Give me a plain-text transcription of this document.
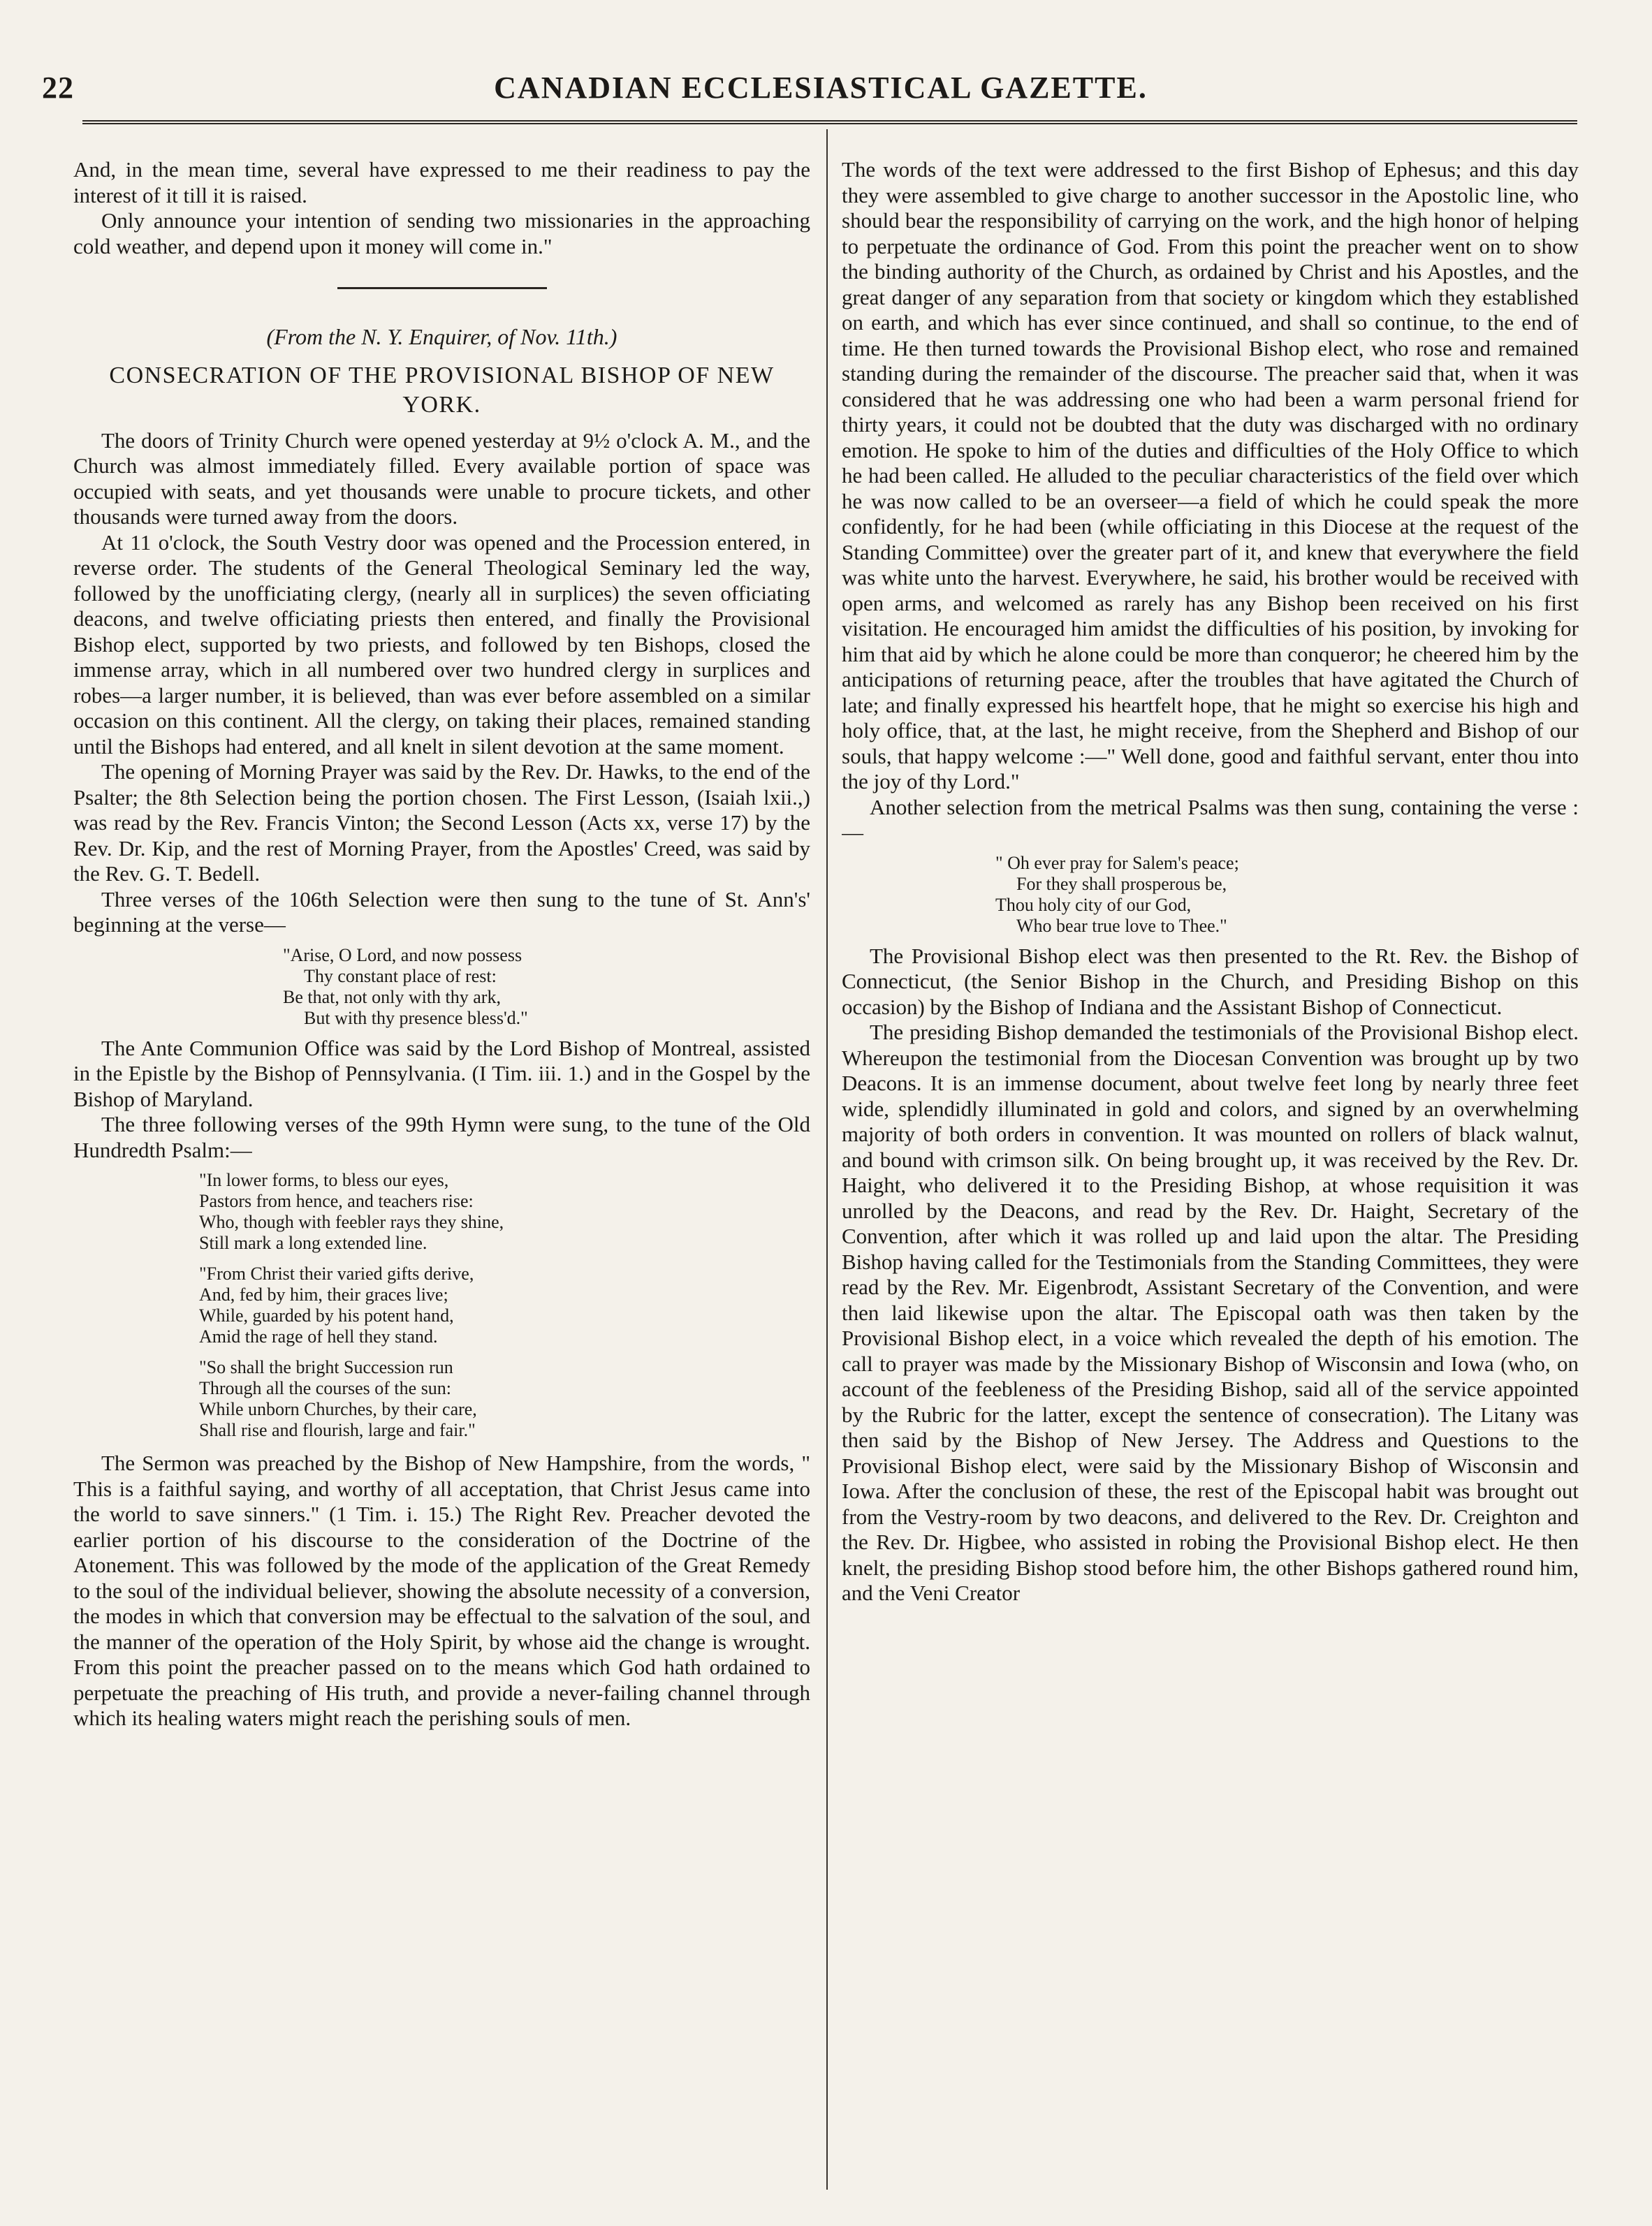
22	CANADIAN ECCLESIASTICAL GAZETTE.

And, in the mean time, several have expressed to me their readiness to pay the interest of it till it is raised.

Only announce your intention of sending two missionaries in the approaching cold weather, and depend upon it money will come in."

(From the N. Y. Enquirer, of Nov. 11th.)
CONSECRATION OF THE PROVISIONAL BISHOP OF NEW YORK.

The doors of Trinity Church were opened yesterday at 9½ o'clock A. M., and the Church was almost immediately filled. Every available portion of space was occupied with seats, and yet thousands were unable to procure tickets, and other thousands were turned away from the doors.

At 11 o'clock, the South Vestry door was opened and the Procession entered, in reverse order. The students of the General Theological Seminary led the way, followed by the unofficiating clergy, (nearly all in surplices) the seven officiating deacons, and twelve officiating priests then entered, and finally the Provisional Bishop elect, supported by two priests, and followed by ten Bishops, closed the immense array, which in all numbered over two hundred clergy in surplices and robes—a larger number, it is believed, than was ever before assembled on a similar occasion on this continent. All the clergy, on taking their places, remained standing until the Bishops had entered, and all knelt in silent devotion at the same moment.

The opening of Morning Prayer was said by the Rev. Dr. Hawks, to the end of the Psalter; the 8th Selection being the portion chosen. The First Lesson, (Isaiah lxii.,) was read by the Rev. Francis Vinton; the Second Lesson (Acts xx, verse 17) by the Rev. Dr. Kip, and the rest of Morning Prayer, from the Apostles' Creed, was said by the Rev. G. T. Bedell.

Three verses of the 106th Selection were then sung to the tune of St. Ann's' beginning at the verse—

"Arise, O Lord, and now possess
Thy constant place of rest:
Be that, not only with thy ark,
But with thy presence bless'd."

The Ante Communion Office was said by the Lord Bishop of Montreal, assisted in the Epistle by the Bishop of Pennsylvania. (I Tim. iii. 1.) and in the Gospel by the Bishop of Maryland.

The three following verses of the 99th Hymn were sung, to the tune of the Old Hundredth Psalm:—

"In lower forms, to bless our eyes,
Pastors from hence, and teachers rise:
Who, though with feebler rays they shine,
Still mark a long extended line.
"From Christ their varied gifts derive,
And, fed by him, their graces live;
While, guarded by his potent hand,
Amid the rage of hell they stand.
"So shall the bright Succession run
Through all the courses of the sun:
While unborn Churches, by their care,
Shall rise and flourish, large and fair."

The Sermon was preached by the Bishop of New Hampshire, from the words, " This is a faithful saying, and worthy of all acceptation, that Christ Jesus came into the world to save sinners." (1 Tim. i. 15.) The Right Rev. Preacher devoted the earlier portion of his discourse to the consideration of the Doctrine of the Atonement. This was followed by the mode of the application of the Great Remedy to the soul of the individual believer, showing the absolute necessity of a conversion, the modes in which that conversion may be effectual to the salvation of the soul, and the manner of the operation of the Holy Spirit, by whose aid the change is wrought. From this point the preacher passed on to the means which God hath ordained to perpetuate the preaching of His truth, and provide a never-failing channel through which its healing waters might reach the perishing souls of men.

The words of the text were addressed to the first Bishop of Ephesus; and this day they were assembled to give charge to another successor in the Apostolic line, who should bear the responsibility of carrying on the work, and the high honor of helping to perpetuate the ordinance of God. From this point the preacher went on to show the binding authority of the Church, as ordained by Christ and his Apostles, and the great danger of any separation from that society or kingdom which they established on earth, and which has ever since continued, and shall so continue, to the end of time. He then turned towards the Provisional Bishop elect, who rose and remained standing during the remainder of the discourse. The preacher said that, when it was considered that he was addressing one who had been a warm personal friend for thirty years, it could not be doubted that the duty was discharged with no ordinary emotion. He spoke to him of the duties and difficulties of the Holy Office to which he had been called. He alluded to the peculiar characteristics of the field over which he was now called to be an overseer—a field of which he could speak the more confidently, for he had been (while officiating in this Diocese at the request of the Standing Committee) over the greater part of it, and knew that everywhere the field was white unto the harvest. Everywhere, he said, his brother would be received with open arms, and welcomed as rarely has any Bishop been received on his first visitation. He encouraged him amidst the difficulties of his position, by invoking for him that aid by which he alone could be more than conqueror; he cheered him by the anticipations of returning peace, after the troubles that have agitated the Church of late; and finally expressed his heartfelt hope, that he might so exercise his high and holy office, that, at the last, he might receive, from the Shepherd and Bishop of our souls, that happy welcome :—" Well done, good and faithful servant, enter thou into the joy of thy Lord."

Another selection from the metrical Psalms was then sung, containing the verse :—

" Oh ever pray for Salem's peace;
For they shall prosperous be,
Thou holy city of our God,
Who bear true love to Thee."

The Provisional Bishop elect was then presented to the Rt. Rev. the Bishop of Connecticut, (the Senior Bishop in the Church, and Presiding Bishop on this occasion) by the Bishop of Indiana and the Assistant Bishop of Connecticut.

The presiding Bishop demanded the testimonials of the Provisional Bishop elect. Whereupon the testimonial from the Diocesan Convention was brought up by two Deacons. It is an immense document, about twelve feet long by nearly three feet wide, splendidly illuminated in gold and colors, and signed by an overwhelming majority of both orders in convention. It was mounted on rollers of black walnut, and bound with crimson silk. On being brought up, it was received by the Rev. Dr. Haight, who delivered it to the Presiding Bishop, at whose requisition it was unrolled by the Deacons, and read by the Rev. Dr. Haight, Secretary of the Convention, after which it was rolled up and laid upon the altar. The Presiding Bishop having called for the Testimonials from the Standing Committees, they were read by the Rev. Mr. Eigenbrodt, Assistant Secretary of the Convention, and were then laid likewise upon the altar. The Episcopal oath was then taken by the Provisional Bishop elect, in a voice which revealed the depth of his emotion. The call to prayer was made by the Missionary Bishop of Wisconsin and Iowa (who, on account of the feebleness of the Presiding Bishop, said all of the service appointed by the Rubric for the latter, except the sentence of consecration). The Litany was then said by the Bishop of New Jersey. The Address and Questions to the Provisional Bishop elect, were said by the Missionary Bishop of Wisconsin and Iowa. After the conclusion of these, the rest of the Episcopal habit was brought out from the Vestry-room by two deacons, and delivered to the Rev. Dr. Creighton and the Rev. Dr. Higbee, who assisted in robing the Provisional Bishop elect. He then knelt, the presiding Bishop stood before him, the other Bishops gathered round him, and the Veni Creator
